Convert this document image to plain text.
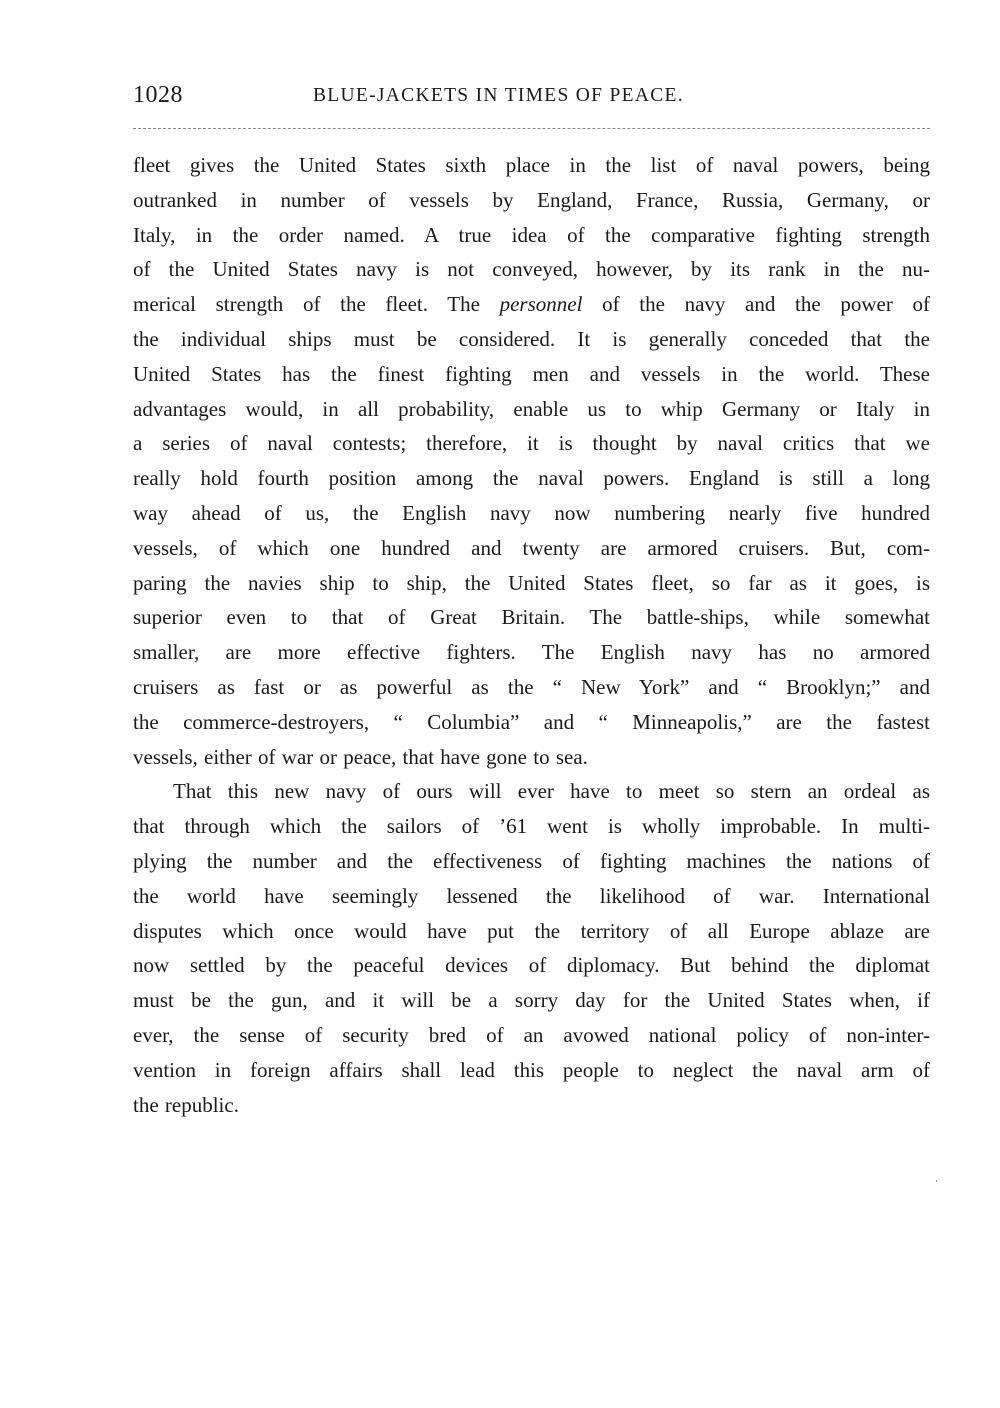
1028	BLUE-JACKETS IN TIMES OF PEACE.
fleet gives the United States sixth place in the list of naval powers, being
outranked in number of vessels by England, France, Russia, Germany, or
Italy, in the order named. A true idea of the comparative fighting strength
of the United States navy is not conveyed, however, by its rank in the nu-
merical strength of the fleet. The personnel of the navy and the power of
the individual ships must be considered. It is generally conceded that the
United States has the finest fighting men and vessels in the world. These
advantages would, in all probability, enable us to whip Germany or Italy in
a series of naval contests; therefore, it is thought by naval critics that we
really hold fourth position among the naval powers. England is still a long
way ahead of us, the English navy now numbering nearly five hundred
vessels, of which one hundred and twenty are armored cruisers. But, com-
paring the navies ship to ship, the United States fleet, so far as it goes, is
superior even to that of Great Britain. The battle-ships, while somewhat
smaller, are more effective fighters. The English navy has no armored
cruisers as fast or as powerful as the “ New York” and “ Brooklyn;” and
the commerce-destroyers, “ Columbia” and “ Minneapolis,” are the fastest
vessels, either of war or peace, that have gone to sea.
That this new navy of ours will ever have to meet so stern an ordeal as
that through which the sailors of ’61 went is wholly improbable. In multi-
plying the number and the effectiveness of fighting machines the nations of
the world have seemingly lessened the likelihood of war. International
disputes which once would have put the territory of all Europe ablaze are
now settled by the peaceful devices of diplomacy. But behind the diplomat
must be the gun, and it will be a sorry day for the United States when, if
ever, the sense of security bred of an avowed national policy of non-inter-
vention in foreign affairs shall lead this people to neglect the naval arm of
the republic.
